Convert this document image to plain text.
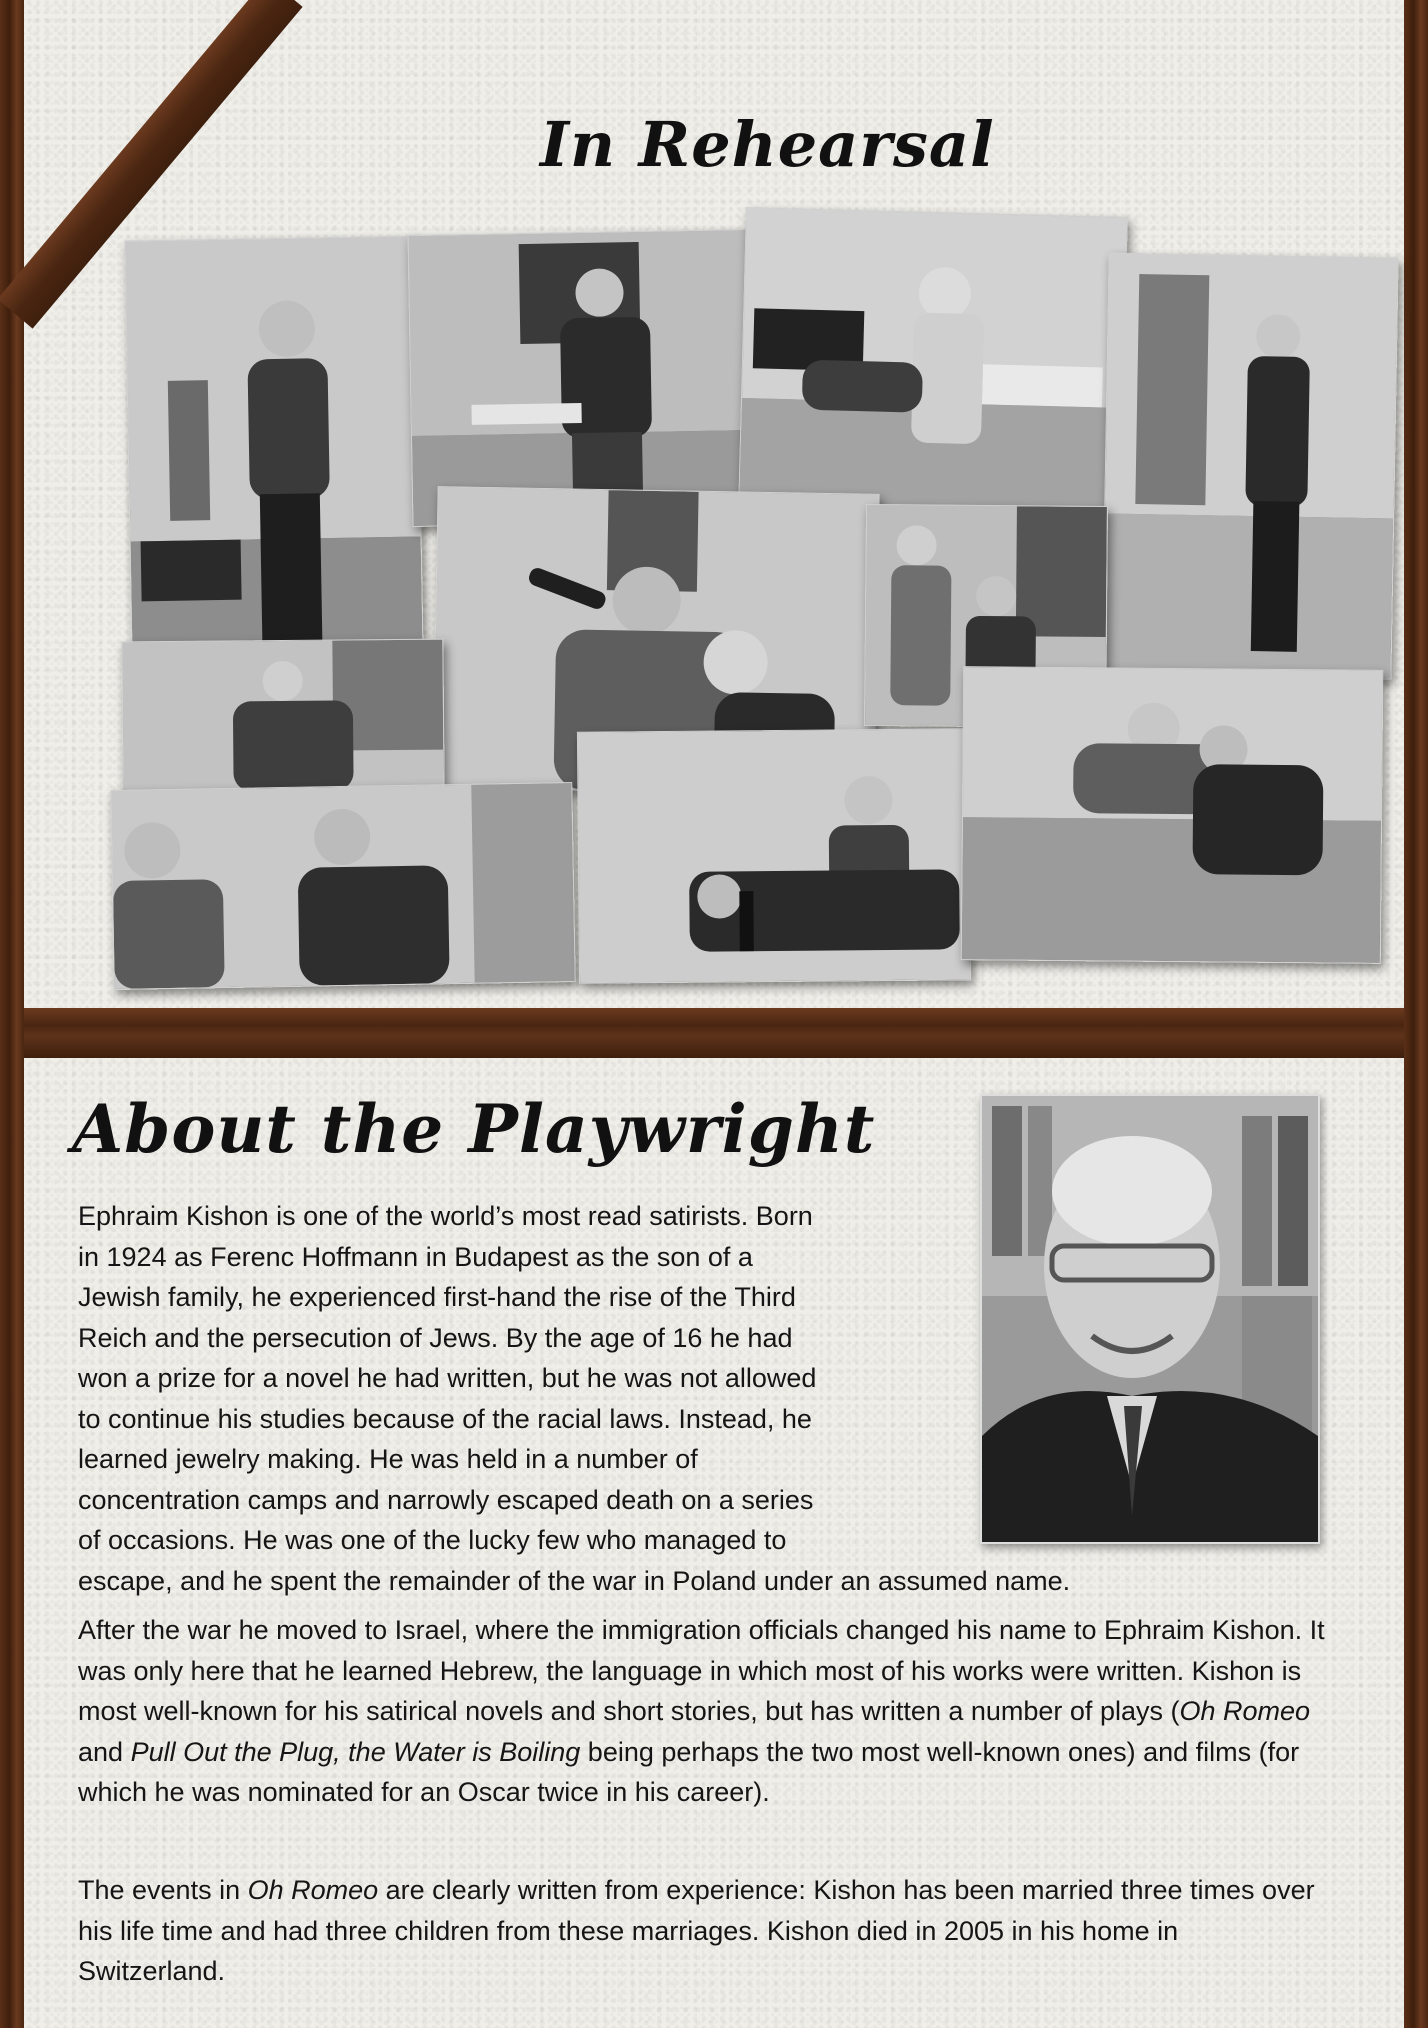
In Rehearsal
About the Playwright

Ephraim Kishon is one of the world’s most read satirists. Born
in 1924 as Ferenc Hoffmann in Budapest as the son of a
Jewish family, he experienced first-hand the rise of the Third
Reich and the persecution of Jews. By the age of 16 he had
won a prize for a novel he had written, but he was not allowed
to continue his studies because of the racial laws. Instead, he
learned jewelry making. He was held in a number of
concentration camps and narrowly escaped death on a series
of occasions. He was one of the lucky few who managed to
escape, and he spent the remainder of the war in Poland under an assumed name.

After the war he moved to Israel, where the immigration officials changed his name to Ephraim Kishon. It was only here that he learned Hebrew, the language in which most of his works were written. Kishon is most well-known for his satirical novels and short stories, but has written a number of plays (Oh Romeo and Pull Out the Plug, the Water is Boiling being perhaps the two most well-known ones) and films (for which he was nominated for an Oscar twice in his career).

The events in Oh Romeo are clearly written from experience: Kishon has been married three times over his life time and had three children from these marriages. Kishon died in 2005 in his home in Switzerland.
